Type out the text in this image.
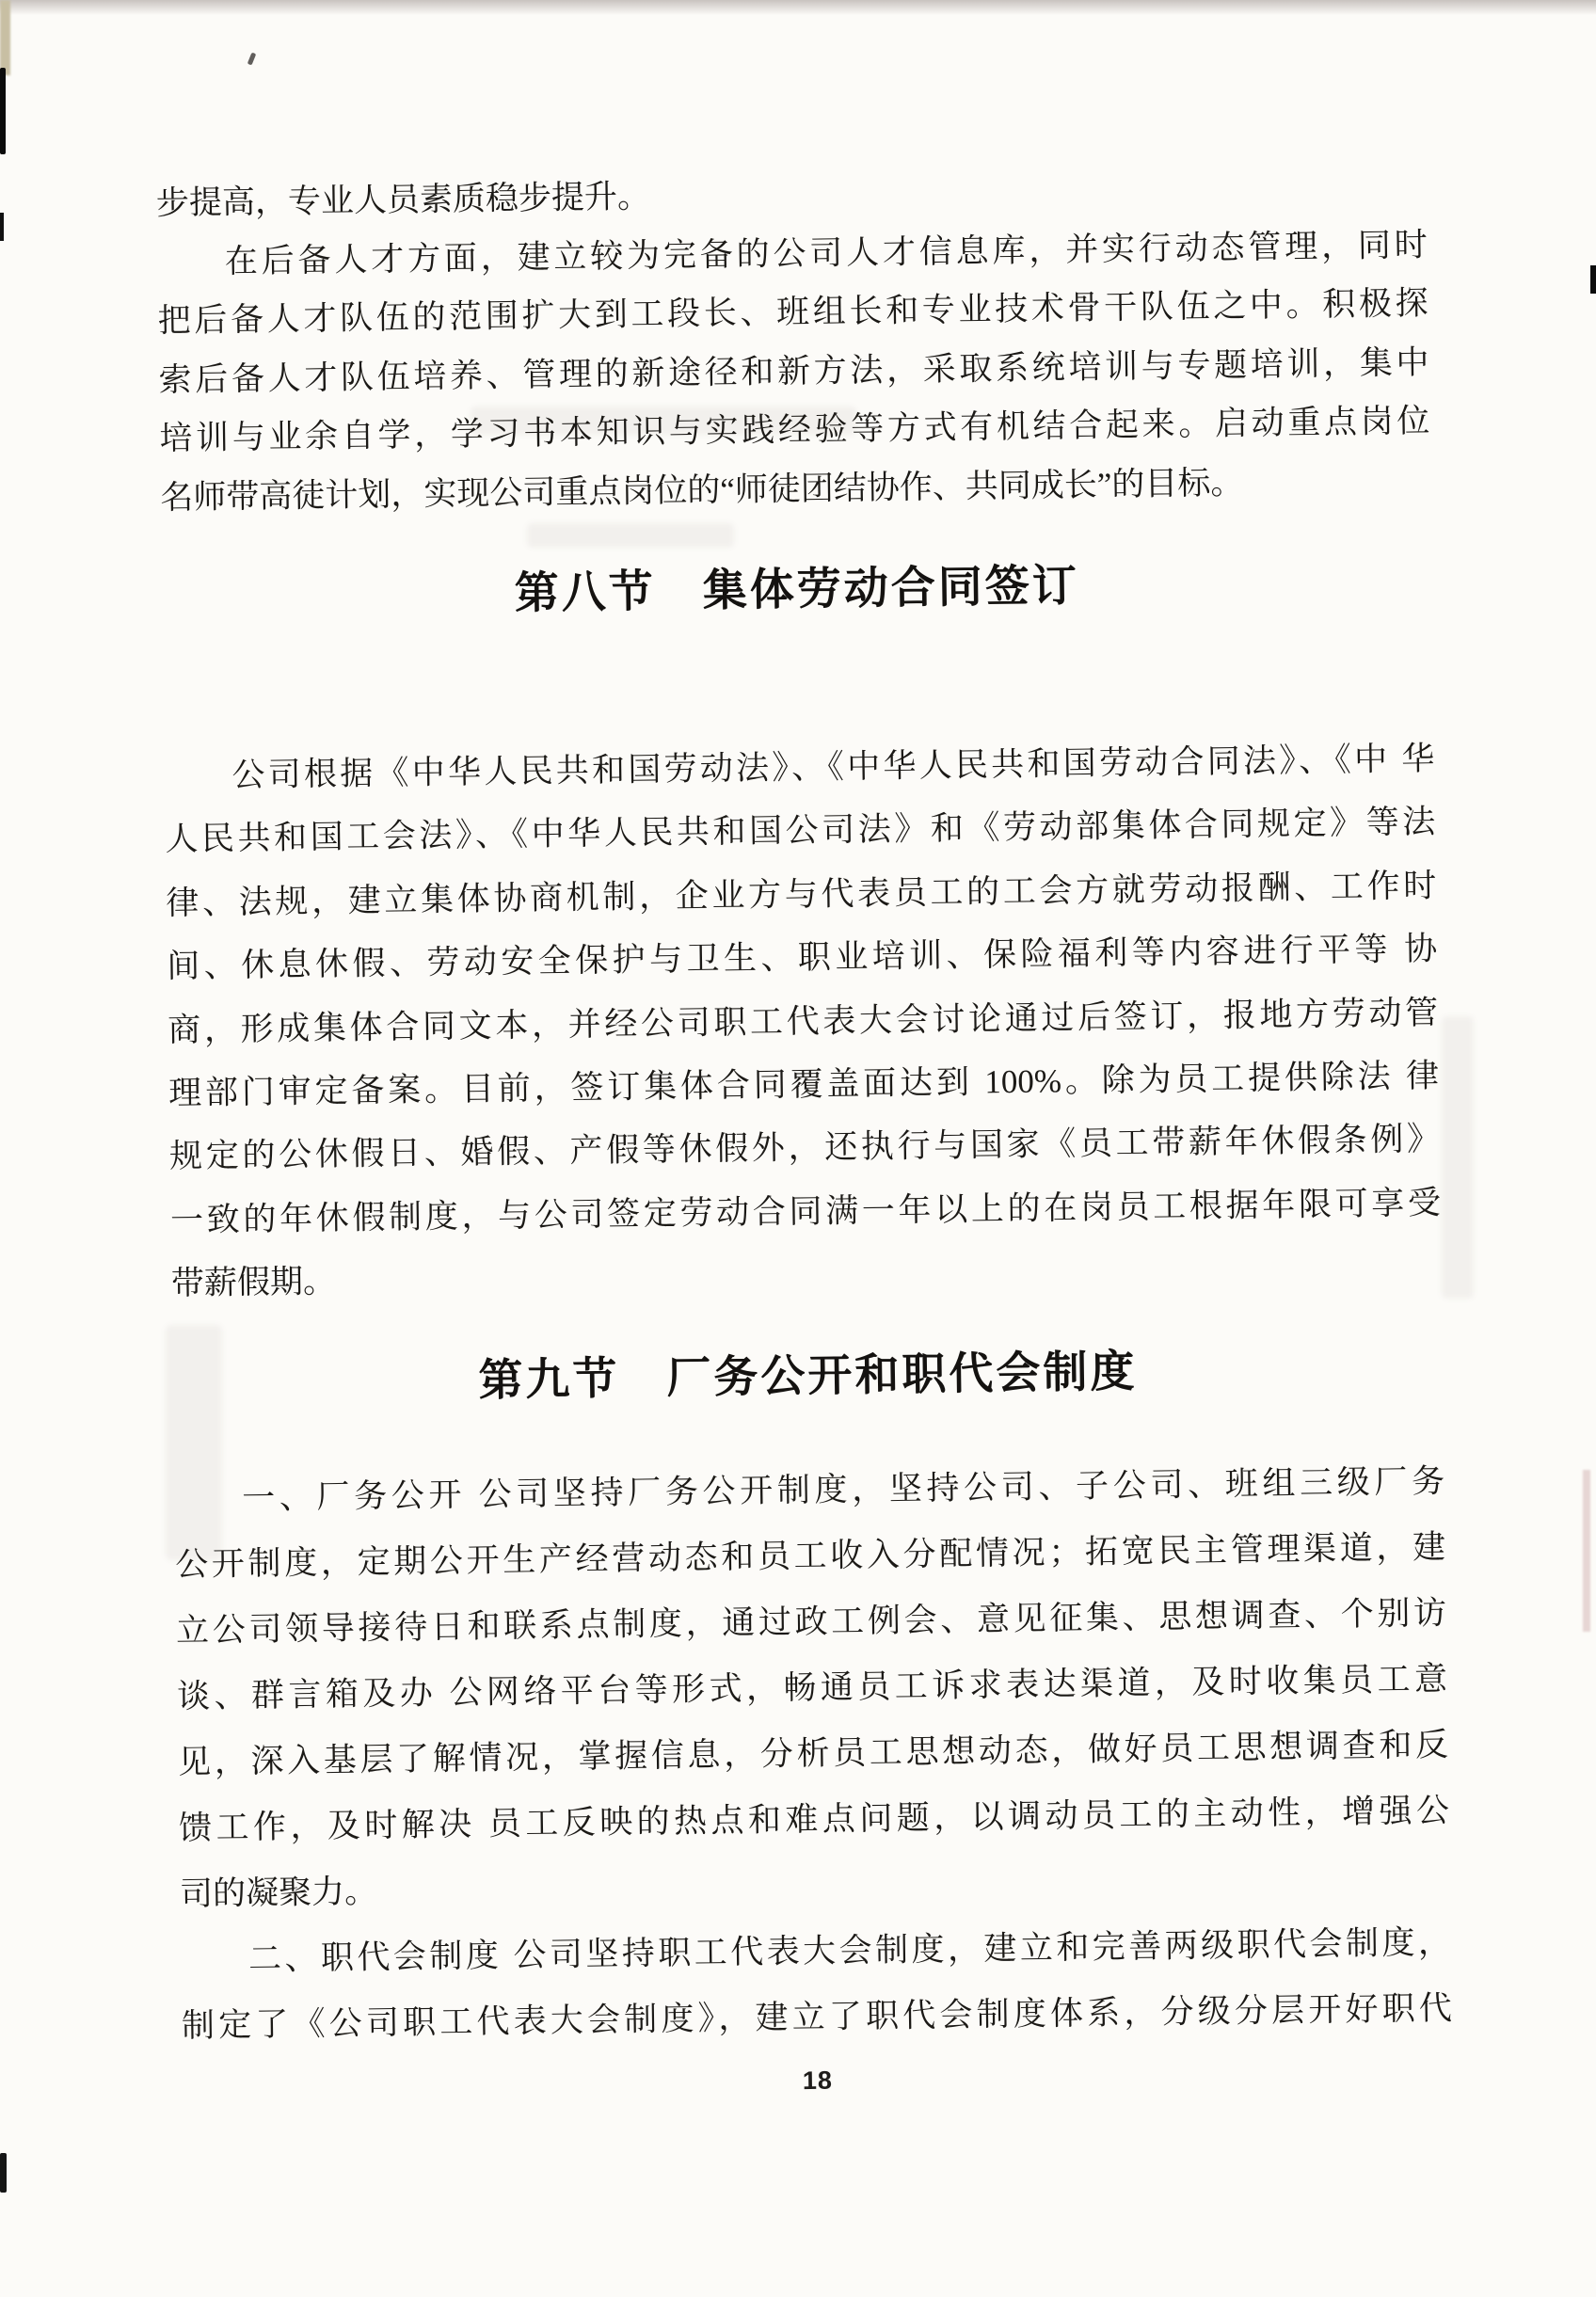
步提高，专业人员素质稳步提升。
在后备人才方面，建立较为完备的公司人才信息库，并实行动态管理，同时
把后备人才队伍的范围扩大到工段长、班组长和专业技术骨干队伍之中。积极探
索后备人才队伍培养、管理的新途径和新方法，采取系统培训与专题培训，集中
培训与业余自学，学习书本知识与实践经验等方式有机结合起来。启动重点岗位
名师带高徒计划，实现公司重点岗位的“师徒团结协作、共同成长”的目标。
第八节　集体劳动合同签订
公司根据《中华人民共和国劳动法》、《中华人民共和国劳动合同法》、《中 华
人民共和国工会法》、《中华人民共和国公司法》和《劳动部集体合同规定》等法
律、法规，建立集体协商机制，企业方与代表员工的工会方就劳动报酬、工作时
间、休息休假、劳动安全保护与卫生、职业培训、保险福利等内容进行平等 协
商，形成集体合同文本，并经公司职工代表大会讨论通过后签订，报地方劳动管
理部门审定备案。目前，签订集体合同覆盖面达到 100%。除为员工提供除法 律
规定的公休假日、婚假、产假等休假外，还执行与国家《员工带薪年休假条例》
一致的年休假制度，与公司签定劳动合同满一年以上的在岗员工根据年限可享受
带薪假期。
第九节　厂务公开和职代会制度
一、厂务公开 公司坚持厂务公开制度，坚持公司、子公司、班组三级厂务
公开制度，定期公开生产经营动态和员工收入分配情况；拓宽民主管理渠道，建
立公司领导接待日和联系点制度，通过政工例会、意见征集、思想调查、个别访
谈、群言箱及办 公网络平台等形式，畅通员工诉求表达渠道，及时收集员工意
见，深入基层了解情况，掌握信息，分析员工思想动态，做好员工思想调查和反
馈工作，及时解决 员工反映的热点和难点问题，以调动员工的主动性，增强公
司的凝聚力。
二、职代会制度 公司坚持职工代表大会制度，建立和完善两级职代会制度，
制定了《公司职工代表大会制度》，建立了职代会制度体系，分级分层开好职代
18
